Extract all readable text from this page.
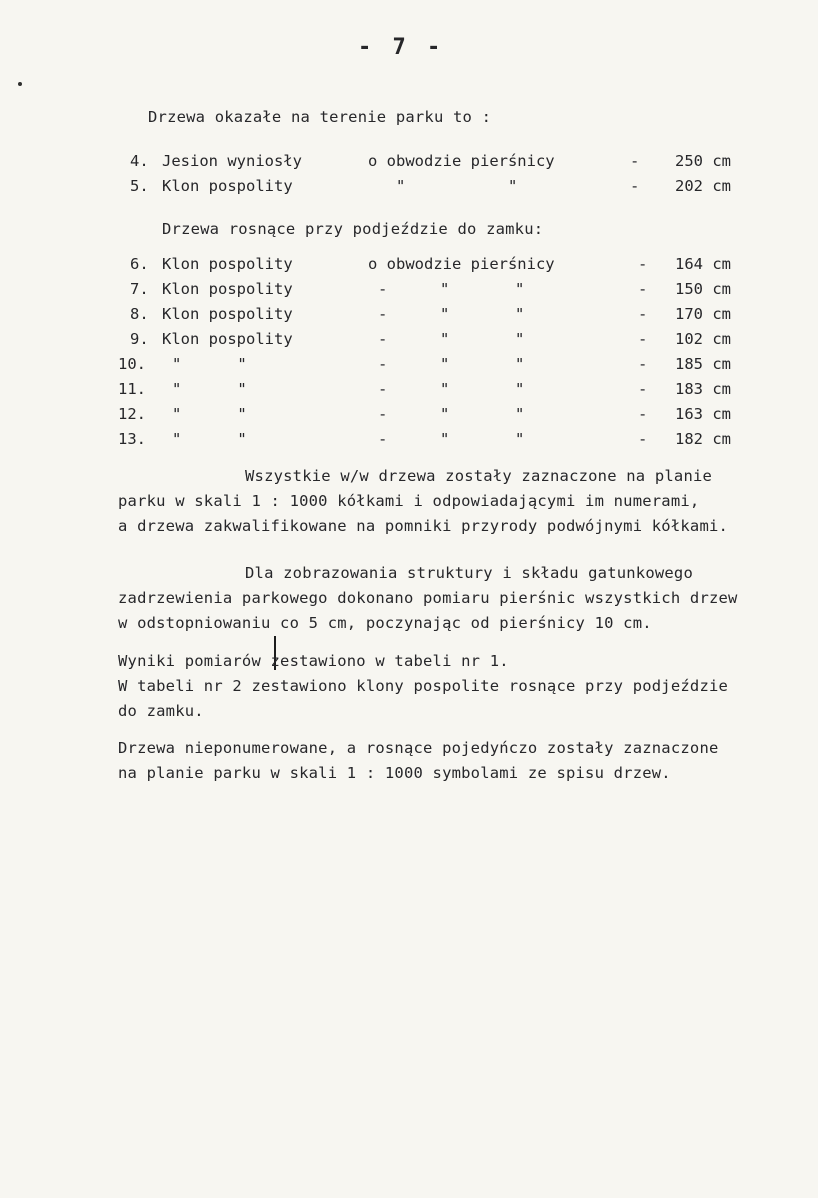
- 7 -
Drzewa okazałe na terenie parku to :
4. Jesion wyniosły	o obwodzie pierśnicy	- 250 cm
5. Klon pospolity	"	"	- 202 cm
Drzewa rosnące przy podjeździe do zamku:
6. Klon pospolity	o obwodzie pierśnicy	- 164 cm
7. Klon pospolity	-	"	"	- 150 cm
8. Klon pospolity	-	"	"	- 170 cm
9. Klon pospolity	-	"	"	- 102 cm
10. "      "	-	"	"	- 185 cm
11. "      "	-	"	"	- 183 cm
12. "      "	-	"	"	- 163 cm
13. "      "	-	"	"	- 182 cm
Wszystkie w/w drzewa zostały zaznaczone na planie
parku w skali 1 : 1000 kółkami i odpowiadającymi im numerami,
a drzewa zakwalifikowane na pomniki przyrody podwójnymi kółkami.
Dla zobrazowania struktury i składu gatunkowego
zadrzewienia parkowego dokonano pomiaru pierśnic wszystkich drzew
w odstopniowaniu co 5 cm, poczynając od pierśnicy 10 cm.
Wyniki pomiarów zestawiono w tabeli nr 1.
W tabeli nr 2 zestawiono klony pospolite rosnące przy podjeździe
do zamku.
Drzewa nieponumerowane, a rosnące pojedyńczo zostały zaznaczone
na planie parku w skali 1 : 1000 symbolami ze spisu drzew.
